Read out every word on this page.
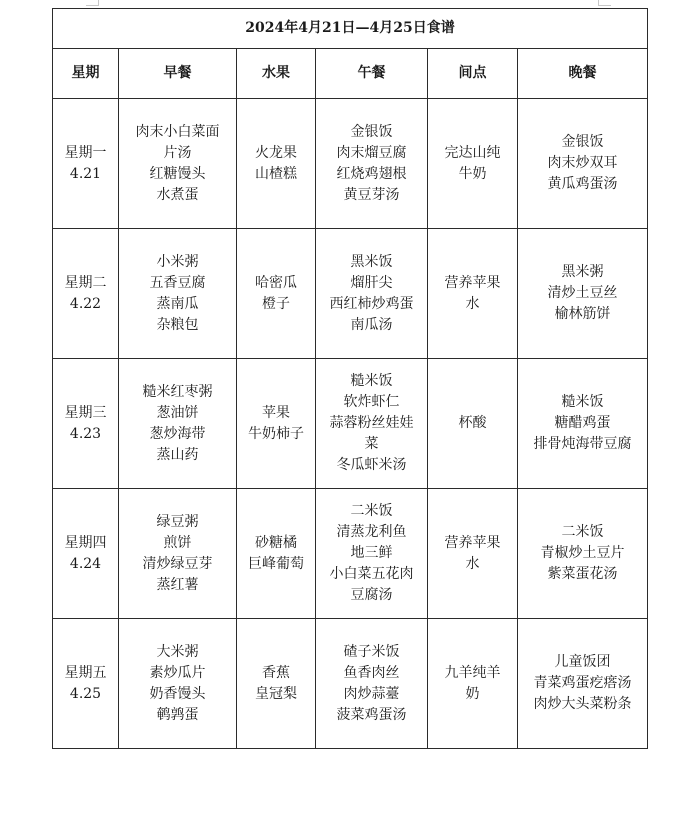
2024年4月21日—4月25日食谱					
星期	早餐	水果	午餐	间点	晚餐

星期一
4.21	肉末小白菜面
片汤
红糖馒头
水煮蛋	火龙果
山楂糕	金银饭
肉末熘豆腐
红烧鸡翅根
黄豆芽汤	完达山纯
牛奶	金银饭
肉末炒双耳
黄瓜鸡蛋汤

星期二
4.22	小米粥
五香豆腐
蒸南瓜
杂粮包	哈密瓜
橙子	黑米饭
熘肝尖
西红柿炒鸡蛋
南瓜汤	营养苹果
水	黑米粥
清炒土豆丝
榆林筋饼

星期三
4.23	糙米红枣粥
葱油饼
葱炒海带
蒸山药	苹果
牛奶柿子	糙米饭
软炸虾仁
蒜蓉粉丝娃娃
菜
冬瓜虾米汤	杯酸	糙米饭
糖醋鸡蛋
排骨炖海带豆腐

星期四
4.24	绿豆粥
煎饼
清炒绿豆芽
蒸红薯	砂糖橘
巨峰葡萄	二米饭
清蒸龙利鱼
地三鲜
小白菜五花肉
豆腐汤	营养苹果
水	二米饭
青椒炒土豆片
紫菜蛋花汤

星期五
4.25	大米粥
素炒瓜片
奶香馒头
鹌鹑蛋	香蕉
皇冠梨	碴子米饭
鱼香肉丝
肉炒蒜薹
菠菜鸡蛋汤	九羊纯羊
奶	儿童饭团
青菜鸡蛋疙瘩汤
肉炒大头菜粉条
